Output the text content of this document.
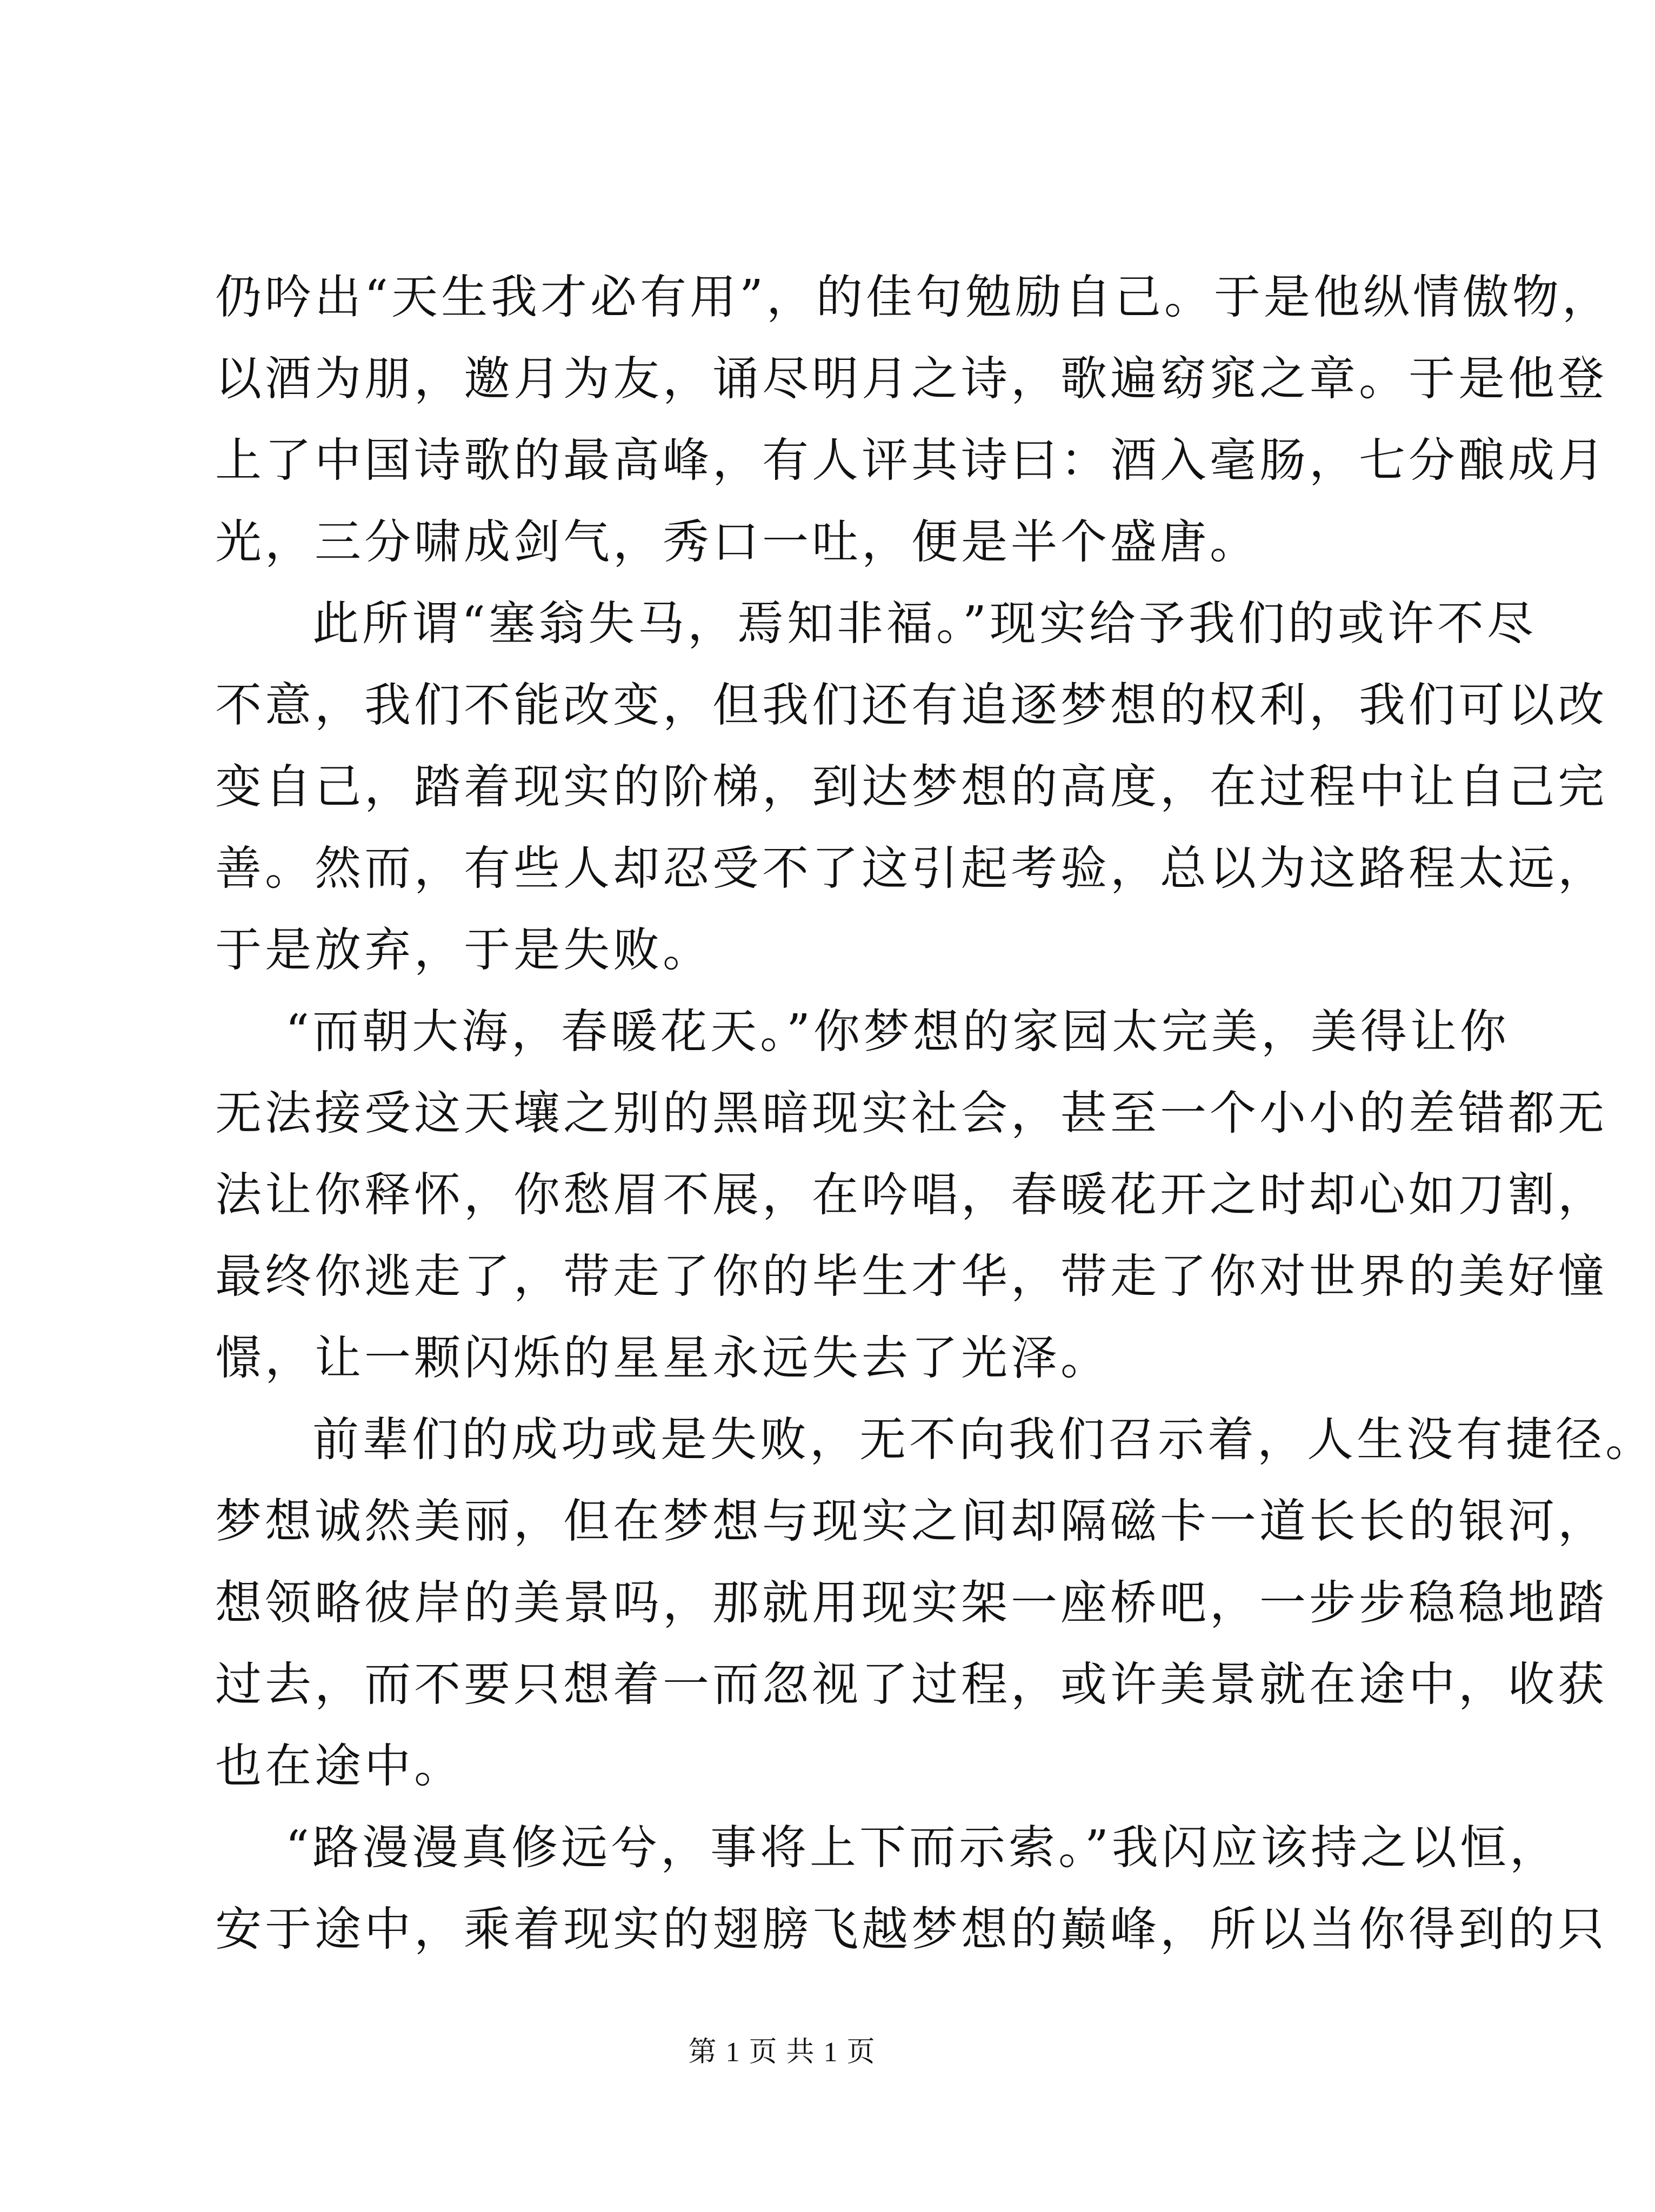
仍吟出“天生我才必有用”，的佳句勉励自己。于是他纵情傲物，
以酒为朋，邀月为友，诵尽明月之诗，歌遍窈窕之章。于是他登
上了中国诗歌的最高峰，有人评其诗曰：酒入毫肠，七分酿成月
光，三分啸成剑气，秀口一吐，便是半个盛唐。

此所谓“塞翁失马，焉知非福。”现实给予我们的或许不尽
不意，我们不能改变，但我们还有追逐梦想的权利，我们可以改
变自己，踏着现实的阶梯，到达梦想的高度，在过程中让自己完
善。然而，有些人却忍受不了这引起考验，总以为这路程太远，
于是放弃，于是失败。

“而朝大海，春暖花天。”你梦想的家园太完美，美得让你
无法接受这天壤之别的黑暗现实社会，甚至一个小小的差错都无
法让你释怀，你愁眉不展，在吟唱，春暖花开之时却心如刀割，
最终你逃走了，带走了你的毕生才华，带走了你对世界的美好憧
憬，让一颗闪烁的星星永远失去了光泽。

前辈们的成功或是失败，无不向我们召示着，人生没有捷径。
梦想诚然美丽，但在梦想与现实之间却隔磁卡一道长长的银河，
想领略彼岸的美景吗，那就用现实架一座桥吧，一步步稳稳地踏
过去，而不要只想着一而忽视了过程，或许美景就在途中，收获
也在途中。

“路漫漫真修远兮，事将上下而示索。”我闪应该持之以恒，
安于途中，乘着现实的翅膀飞越梦想的巅峰，所以当你得到的只

第 1 页 共 1 页
